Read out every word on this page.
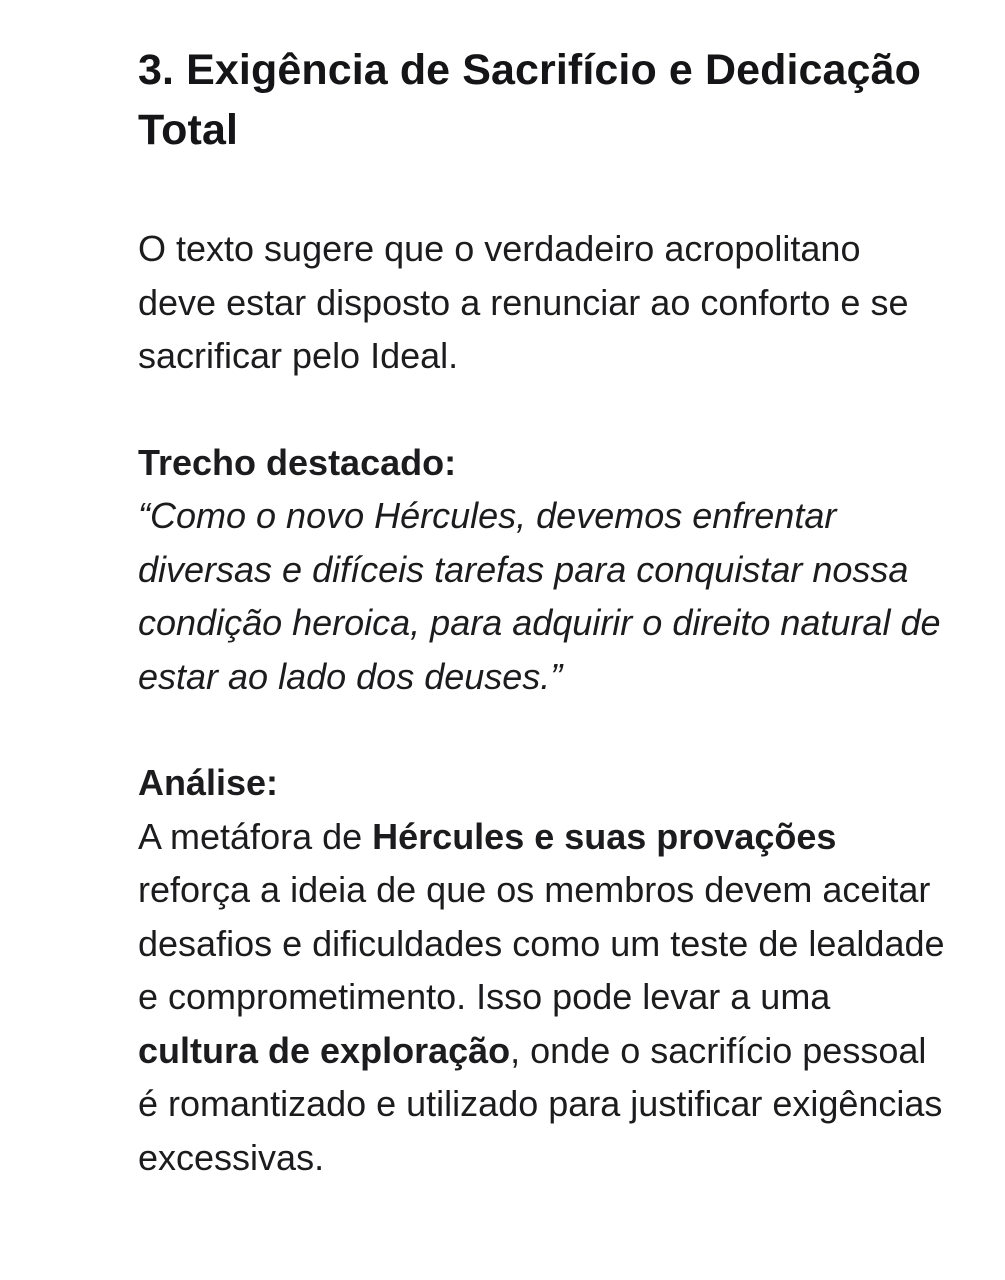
3. Exigência de Sacrifício e Dedicação Total

O texto sugere que o verdadeiro acropolitano deve estar disposto a renunciar ao conforto e se sacrificar pelo Ideal.

Trecho destacado:
“Como o novo Hércules, devemos enfrentar diversas e difíceis tarefas para conquistar nossa condição heroica, para adquirir o direito natural de estar ao lado dos deuses.”
Análise:
A metáfora de Hércules e suas provações reforça a ideia de que os membros devem aceitar desafios e dificuldades como um teste de lealdade e comprometimento. Isso pode levar a uma cultura de exploração, onde o sacrifício pessoal é romantizado e utilizado para justificar exigências excessivas.
